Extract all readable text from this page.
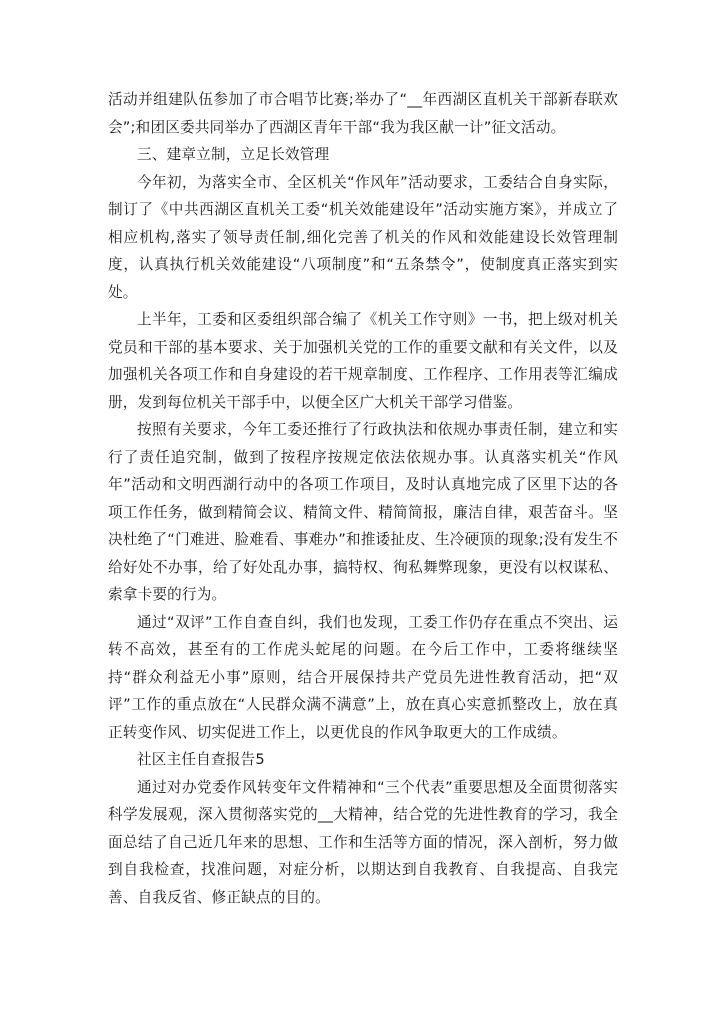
活动并组建队伍参加了市合唱节比赛;举办了“__年西湖区直机关干部新春联欢会”;和团区委共同举办了西湖区青年干部“我为我区献一计”征文活动。

三、建章立制，立足长效管理

今年初，为落实全市、全区机关“作风年”活动要求，工委结合自身实际，制订了《中共西湖区直机关工委“机关效能建设年”活动实施方案》，并成立了相应机构,落实了领导责任制,细化完善了机关的作风和效能建设长效管理制度，认真执行机关效能建设“八项制度”和“五条禁令”，使制度真正落实到实处。

上半年，工委和区委组织部合编了《机关工作守则》一书，把上级对机关党员和干部的基本要求、关于加强机关党的工作的重要文献和有关文件，以及加强机关各项工作和自身建设的若干规章制度、工作程序、工作用表等汇编成册，发到每位机关干部手中，以便全区广大机关干部学习借鉴。

按照有关要求，今年工委还推行了行政执法和依规办事责任制，建立和实行了责任追究制，做到了按程序按规定依法依规办事。认真落实机关“作风年”活动和文明西湖行动中的各项工作项目，及时认真地完成了区里下达的各项工作任务，做到精简会议、精简文件、精简简报，廉洁自律，艰苦奋斗。坚决杜绝了“门难进、脸难看、事难办”和推诿扯皮、生冷硬顶的现象;没有发生不给好处不办事，给了好处乱办事，搞特权、徇私舞弊现象，更没有以权谋私、索拿卡要的行为。

通过“双评”工作自查自纠，我们也发现，工委工作仍存在重点不突出、运转不高效，甚至有的工作虎头蛇尾的问题。在今后工作中，工委将继续坚持“群众利益无小事”原则，结合开展保持共产党员先进性教育活动，把“双评”工作的重点放在“人民群众满不满意”上，放在真心实意抓整改上，放在真正转变作风、切实促进工作上，以更优良的作风争取更大的工作成绩。

社区主任自查报告5

通过对办党委作风转变年文件精神和“三个代表”重要思想及全面贯彻落实科学发展观，深入贯彻落实党的__大精神，结合党的先进性教育的学习，我全面总结了自己近几年来的思想、工作和生活等方面的情况，深入剖析，努力做到自我检查，找准问题，对症分析，以期达到自我教育、自我提高、自我完善、自我反省、修正缺点的目的。
